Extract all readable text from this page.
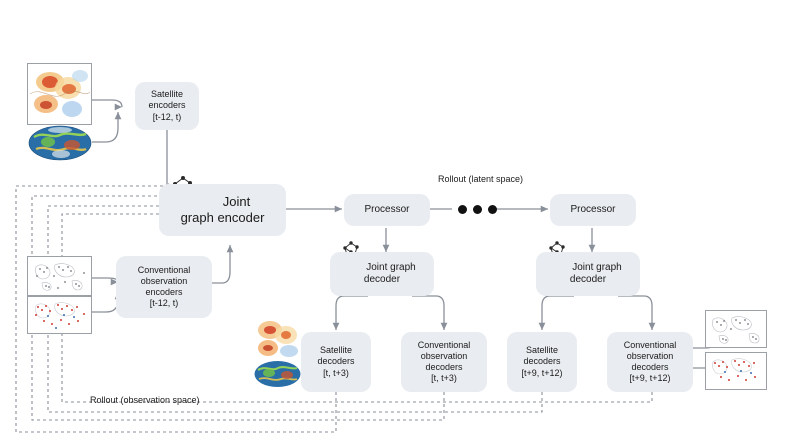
Satellite
encoders
[t-12, t)
Conventional
observation
encoders
[t-12, t)
Joint
graph encoder
Processor	Processor
Joint graph
decoder
Joint graph
decoder
Satellite
decoders
[t, t+3)
Conventional
observation
decoders
[t, t+3)
Satellite
decoders
[t+9, t+12)
Conventional
observation
decoders
[t+9, t+12)
Rollout (latent space)
Rollout (observation space)
